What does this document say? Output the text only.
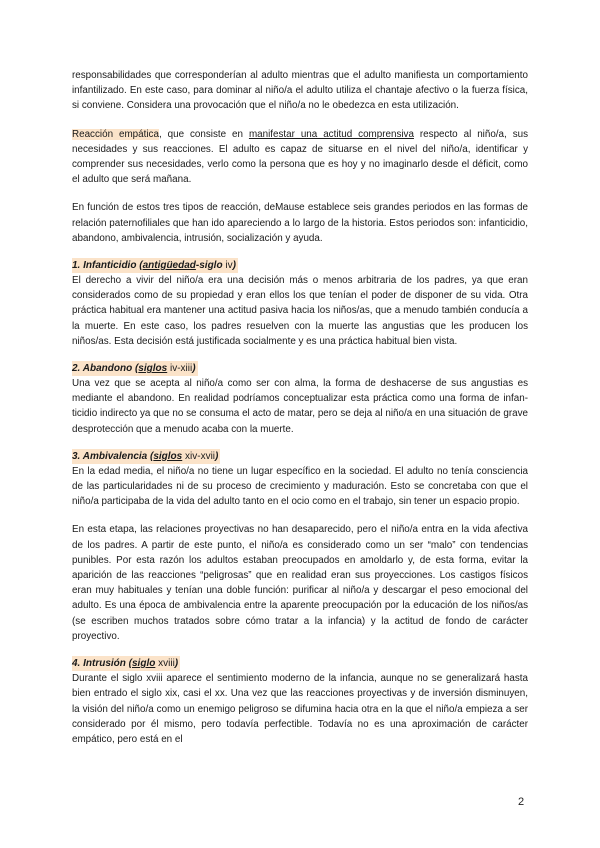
responsabilidades que corresponderían al adulto mientras que el adulto manifiesta un comportamiento infantilizado. En este caso, para dominar al niño/a el adulto utiliza el chantaje afectivo o la fuerza física, si conviene. Considera una provocación que el niño/a no le obedezca en esta utilización.

Reacción empática, que consiste en manifestar una actitud comprensiva respecto al niño/a, sus necesidades y sus reacciones. El adulto es capaz de situarse en el nivel del niño/a, identificar y comprender sus necesidades, verlo como la persona que es hoy y no imaginarlo desde el déficit, como el adulto que será mañana.

En función de estos tres tipos de reacción, deMause establece seis grandes periodos en las formas de relación paternofiliales que han ido apareciendo a lo largo de la historia. Estos periodos son: infanticidio, abandono, ambivalencia, intrusión, socialización y ayuda.

1. Infanticidio (antigüedad-siglo iv)

El derecho a vivir del niño/a era una decisión más o menos arbitraria de los padres, ya que eran considerados como de su propiedad y eran ellos los que tenían el poder de disponer de su vida. Otra práctica habitual era mantener una actitud pasiva hacia los niños/as, que a menudo también conducía a la muerte. En este caso, los padres resuelven con la muerte las angustias que les producen los niños/as. Esta decisión está justificada socialmente y es una práctica habitual bien vista.

2. Abandono (siglos iv-xiii)

Una vez que se acepta al niño/a como ser con alma, la forma de deshacerse de sus angustias es mediante el abandono. En realidad podríamos conceptualizar esta práctica como una forma de infan- ticidio indirecto ya que no se consuma el acto de matar, pero se deja al niño/a en una situación de grave desprotección que a menudo acaba con la muerte.

3. Ambivalencia (siglos xiv-xvii)

En la edad media, el niño/a no tiene un lugar específico en la sociedad. El adulto no tenía consciencia de las particularidades ni de su proceso de crecimiento y maduración. Esto se concretaba con que el niño/a participaba de la vida del adulto tanto en el ocio como en el trabajo, sin tener un espacio propio.

En esta etapa, las relaciones proyectivas no han desaparecido, pero el niño/a entra en la vida afectiva de los padres. A partir de este punto, el niño/a es considerado como un ser “malo” con tendencias punibles. Por esta razón los adultos estaban preocupados en amoldarlo y, de esta forma, evitar la aparición de las reacciones “peligrosas” que en realidad eran sus proyecciones. Los castigos físicos eran muy habituales y tenían una doble función: purificar al niño/a y descargar el peso emocional del adulto. Es una época de ambivalencia entre la aparente preocupación por la educación de los niños/as (se escriben muchos tratados sobre cómo tratar a la infancia) y la actitud de fondo de carácter proyectivo.

4. Intrusión (siglo xviii)

Durante el siglo xviii aparece el sentimiento moderno de la infancia, aunque no se generalizará hasta bien entrado el siglo xix, casi el xx. Una vez que las reacciones proyectivas y de inversión disminuyen, la visión del niño/a como un enemigo peligroso se difumina hacia otra en la que el niño/a empieza a ser considerado por él mismo, pero todavía perfectible. Todavía no es una aproximación de carácter empático, pero está en el

2
